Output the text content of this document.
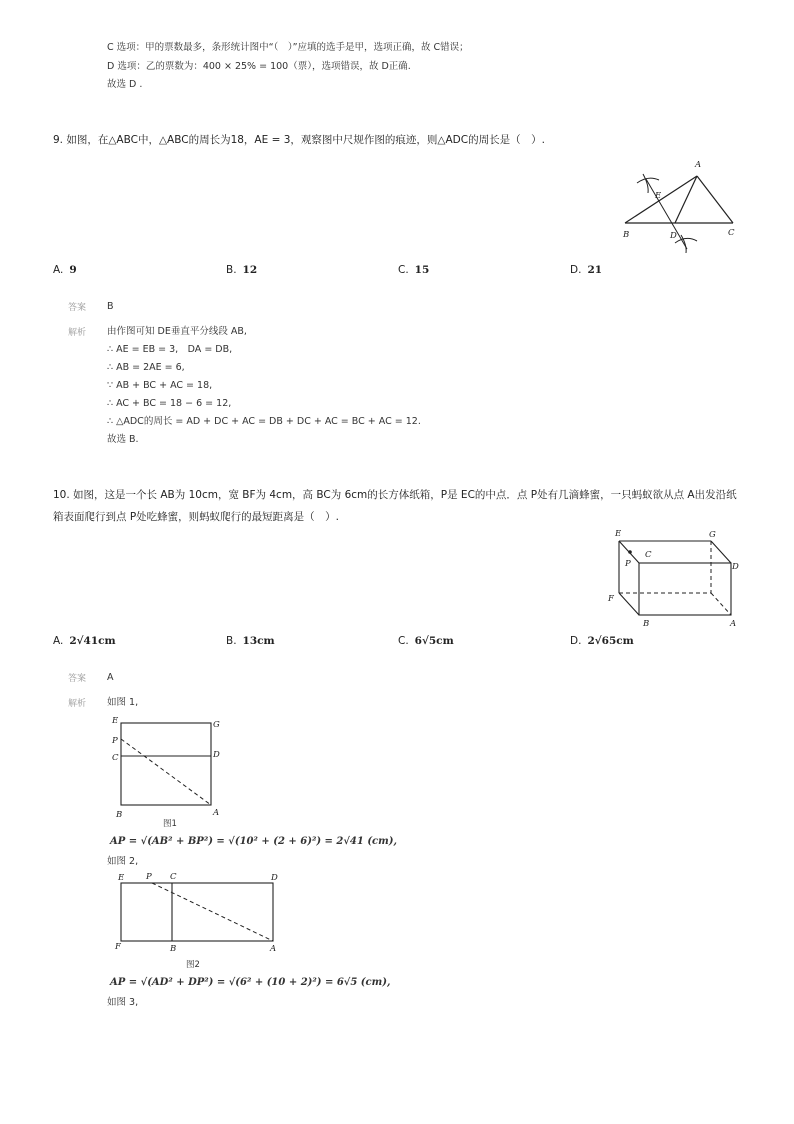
C 选项：甲的票数最多，条形统计图中“（　）”应填的选手是甲，选项正确，故 C错误；
D 选项：乙的票数为：400 × 25% = 100（票），选项错误，故 D正确.
故选 D .
9. 如图，在△ABC中，△ABC的周长为18，AE = 3，观察图中尺规作图的痕迹，则△ADC的周长是（　）.
A
E
B	D	C
A. 9	B. 12	C. 15	D. 21
答案 B
解析 由作图可知 DE垂直平分线段 AB,
∴ AE = EB = 3,　DA = DB,
∴ AB = 2AE = 6,
∵ AB + BC + AC = 18,
∴ AC + BC = 18 − 6 = 12,
∴ △ADC的周长 = AD + DC + AC = DB + DC + AC = BC + AC = 12.
故选 B.
10. 如图，这是一个长 AB为 10cm，宽 BF为 4cm，高 BC为 6cm的长方体纸箱，P是 EC的中点．点 P处有几滴蜂蜜，一只蚂蚁欲从点 A出发沿纸
箱表面爬行到点 P处吃蜂蜜，则蚂蚁爬行的最短距离是（　）.
E	G
C
P	D
F
B	A
A. 2√41cm	B. 13cm	C. 6√5cm	D. 2√65cm
答案 A
解析 如图 1,
E	G
P
C	D
B	A
图1
AP = √(AB² + BP²) = √(10² + (2 + 6)²) = 2√41 (cm),
如图 2,
E	P C	D
F	B	A
图2
AP = √(AD² + DP²) = √(6² + (10 + 2)²) = 6√5 (cm),
如图 3,
